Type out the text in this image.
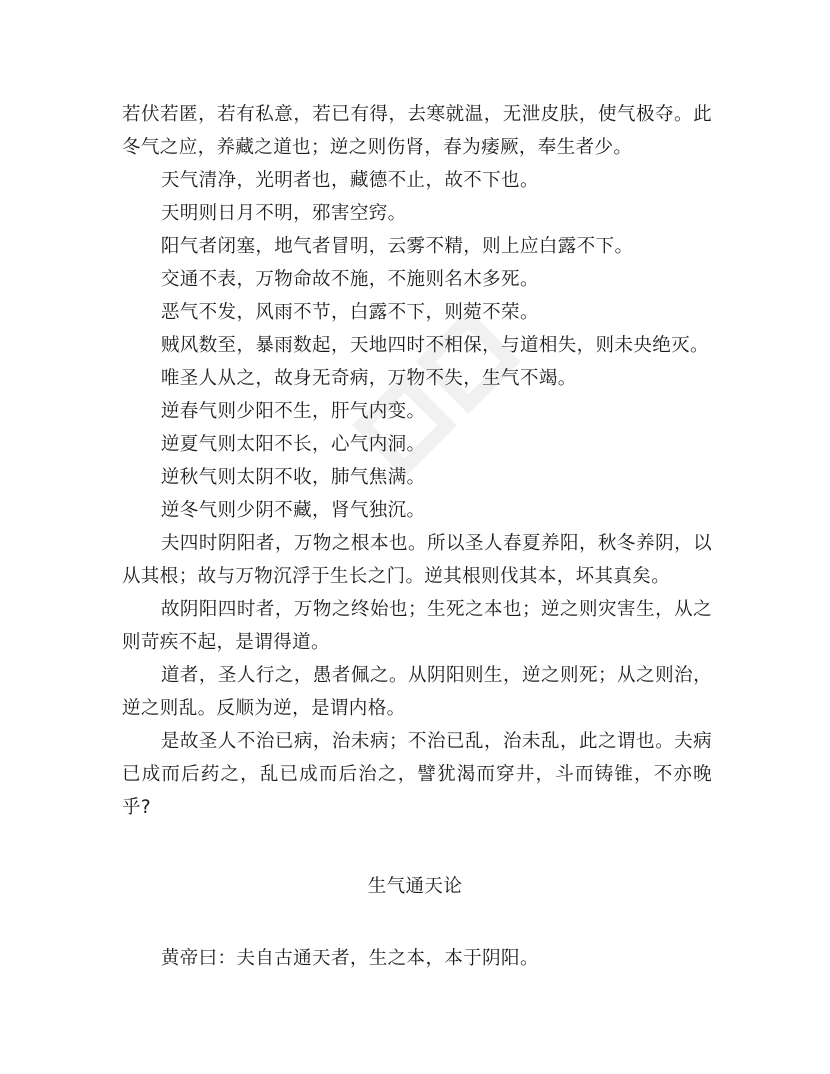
若伏若匿，若有私意，若已有得，去寒就温，无泄皮肤，使气极夺。此冬气之应，养藏之道也；逆之则伤肾，春为痿厥，奉生者少。

天气清净，光明者也，藏德不止，故不下也。

天明则日月不明，邪害空窍。

阳气者闭塞，地气者冒明，云雾不精，则上应白露不下。

交通不表，万物命故不施，不施则名木多死。

恶气不发，风雨不节，白露不下，则菀不荣。

贼风数至，暴雨数起，天地四时不相保，与道相失，则未央绝灭。

唯圣人从之，故身无奇病，万物不失，生气不竭。

逆春气则少阳不生，肝气内变。

逆夏气则太阳不长，心气内洞。

逆秋气则太阴不收，肺气焦满。

逆冬气则少阴不藏，肾气独沉。

夫四时阴阳者，万物之根本也。所以圣人春夏养阳，秋冬养阴，以从其根；故与万物沉浮于生长之门。逆其根则伐其本，坏其真矣。

故阴阳四时者，万物之终始也；生死之本也；逆之则灾害生，从之则苛疾不起，是谓得道。

道者，圣人行之，愚者佩之。从阴阳则生，逆之则死；从之则治，逆之则乱。反顺为逆，是谓内格。

是故圣人不治已病，治未病；不治已乱，治未乱，此之谓也。夫病已成而后药之，乱已成而后治之，譬犹渴而穿井，斗而铸锥，不亦晚乎?

生气通天论

黄帝曰：夫自古通天者，生之本，本于阴阳。
